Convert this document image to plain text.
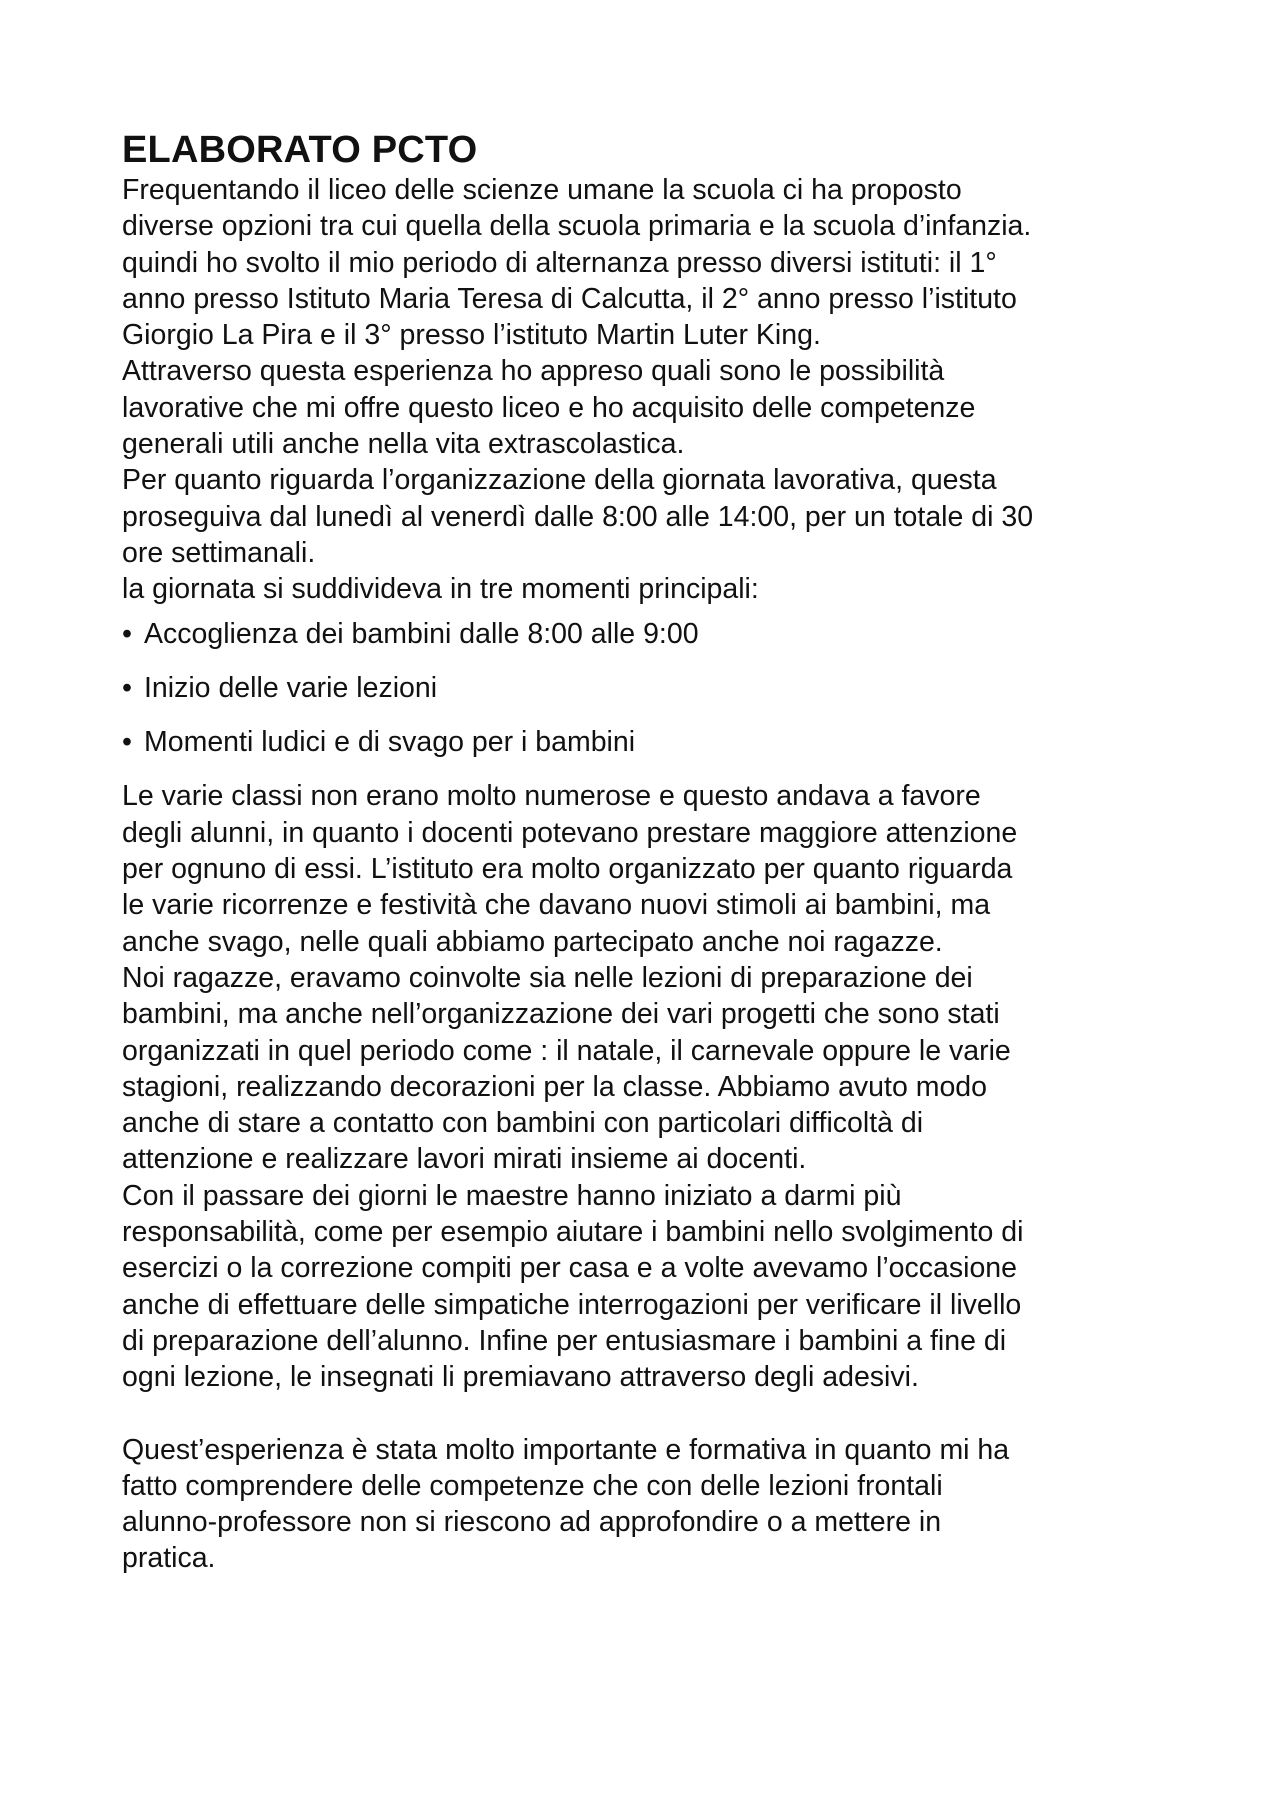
ELABORATO PCTO

Frequentando il liceo delle scienze umane la scuola ci ha proposto
diverse opzioni tra cui quella della scuola primaria e la scuola d’infanzia.
quindi ho svolto il mio periodo di alternanza presso diversi istituti: il 1°
anno presso Istituto Maria Teresa di Calcutta, il 2° anno presso l’istituto
Giorgio La Pira e il 3° presso l’istituto Martin Luter King.
Attraverso questa esperienza ho appreso quali sono le possibilità
lavorative che mi offre questo liceo e ho acquisito delle competenze
generali utili anche nella vita extrascolastica.
Per quanto riguarda l’organizzazione della giornata lavorativa, questa
proseguiva dal lunedì al venerdì dalle 8:00 alle 14:00, per un totale di 30
ore settimanali.
la giornata si suddivideva in tre momenti principali:

• Accoglienza dei bambini dalle 8:00 alle 9:00
• Inizio delle varie lezioni
• Momenti ludici e di svago per i bambini

Le varie classi non erano molto numerose e questo andava a favore
degli alunni, in quanto i docenti potevano prestare maggiore attenzione
per ognuno di essi. L’istituto era molto organizzato per quanto riguarda
le varie ricorrenze e festività che davano nuovi stimoli ai bambini, ma
anche svago, nelle quali abbiamo partecipato anche noi ragazze.
Noi ragazze, eravamo coinvolte sia nelle lezioni di preparazione dei
bambini, ma anche nell’organizzazione dei vari progetti che sono stati
organizzati in quel periodo come : il natale, il carnevale oppure le varie
stagioni, realizzando decorazioni per la classe. Abbiamo avuto modo
anche di stare a contatto con bambini con particolari difficoltà di
attenzione e realizzare lavori mirati insieme ai docenti.
Con il passare dei giorni le maestre hanno iniziato a darmi più
responsabilità, come per esempio aiutare i bambini nello svolgimento di
esercizi o la correzione compiti per casa e a volte avevamo l’occasione
anche di effettuare delle simpatiche interrogazioni per verificare il livello
di preparazione dell’alunno. Infine per entusiasmare i bambini a fine di
ogni lezione, le insegnati li premiavano attraverso degli adesivi.

Quest’esperienza è stata molto importante e formativa in quanto mi ha
fatto comprendere delle competenze che con delle lezioni frontali
alunno-professore non si riescono ad approfondire o a mettere in
pratica.
